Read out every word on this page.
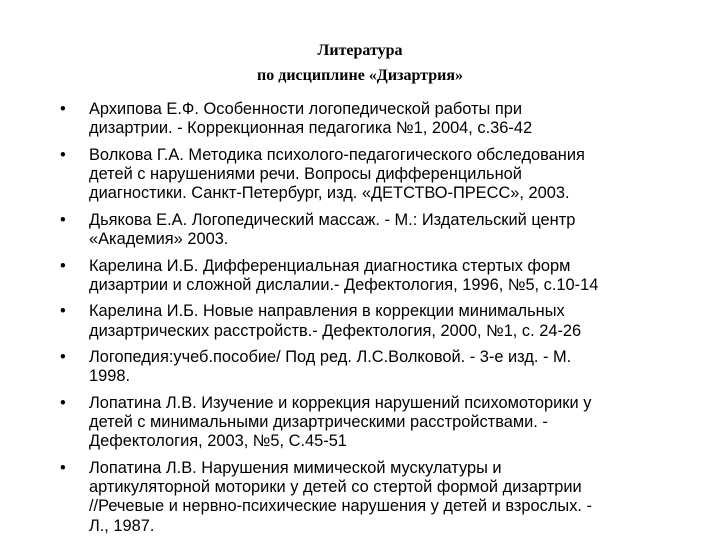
Литература
по дисциплине «Дизартрия»
•	Архипова Е.Ф. Особенности логопедической работы при
дизартрии. - Коррекционная педагогика №1, 2004, с.36-42
•	Волкова Г.А. Методика психолого-педагогического обследования
детей с нарушениями речи. Вопросы дифференцильной
диагностики. Санкт-Петербург, изд. «ДЕТСТВО-ПРЕСС», 2003.
•	Дьякова Е.А. Логопедический массаж. - М.: Издательский центр
«Академия» 2003.
•	Карелина И.Б. Дифференциальная диагностика стертых форм
дизартрии и сложной дислалии.- Дефектология, 1996, №5, с.10-14
•	Карелина И.Б. Новые направления в коррекции минимальных
дизартрических расстройств.- Дефектология, 2000, №1, с. 24-26
•	Логопедия:учеб.пособие/ Под ред. Л.С.Волковой. - 3-е изд. - М.
1998.
•	Лопатина Л.В. Изучение и коррекция нарушений психомоторики у
детей с минимальными дизартрическими расстройствами. -
Дефектология, 2003, №5, С.45-51
•	Лопатина Л.В. Нарушения мимической мускулатуры и
артикуляторной моторики у детей со стертой формой дизартрии
//Речевые и нервно-психические нарушения у детей и взрослых. -
Л., 1987.
